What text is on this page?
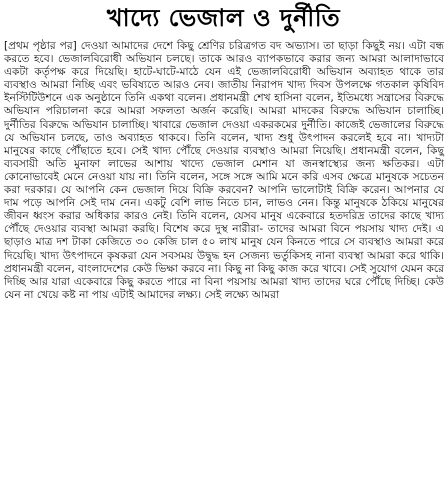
খাদ্যে ভেজাল ও দুর্নীতি

[প্রথম পৃষ্ঠার পর] দেওয়া আমাদের দেশে কিছু শ্রেণির চরিত্রগত বদ অভ্যাস। তা ছাড়া কিছুই নয়। এটা বন্ধ করতে হবে। ভেজালবিরোধী অভিযান চলছে। তাকে আরও ব্যাপকভাবে করার জন্য আমরা আলাদাভাবে একটা কর্তৃপক্ষ করে দিয়েছি। হাটে-ঘাটে-মাঠে যেন এই ভেজালবিরোধী অভিযান অব্যাহত থাকে তার ব্যবস্থাও আমরা নিচ্ছি এবং ভবিষ্যতে আরও নেব। জাতীয় নিরাপদ খাদ্য দিবস উপলক্ষে গতকাল কৃষিবিদ ইনস্টিটিউশনে এক অনুষ্ঠানে তিনি একথা বলেন। প্রধানমন্ত্রী শেখ হাসিনা বলেন, ইতিমধ্যে সন্ত্রাসের বিরুদ্ধে অভিযান পরিচালনা করে আমরা সফলতা অর্জন করেছি। আমরা মাদকের বিরুদ্ধে অভিযান চালাচ্ছি। দুর্নীতির বিরুদ্ধে অভিযান চালাচ্ছি। খাবারে ভেজাল দেওয়া একরকমের দুর্নীতি। কাজেই ভেজালের বিরুদ্ধে যে অভিযান চলছে, তাও অব্যাহত থাকবে। তিনি বলেন, খাদ্য শুধু উৎপাদন করলেই হবে না। খাদ্যটা মানুষের কাছে পৌঁছাতে হবে। সেই খাদ্য পৌঁছে দেওয়ার ব্যবস্থাও আমরা নিয়েছি। প্রধানমন্ত্রী বলেন, কিছু ব্যবসায়ী অতি মুনাফা লাভের আশায় খাদ্যে ভেজাল মেশান যা জনস্বাস্থ্যের জন্য ক্ষতিকর। এটা কোনোভাবেই মেনে নেওয়া যায় না। তিনি বলেন, সঙ্গে সঙ্গে আমি মনে করি এসব ক্ষেত্রে মানুষকে সচেতন করা দরকার। যে আপনি কেন ভেজাল দিয়ে বিক্রি করবেন? আপনি ভালোটাই বিক্রি করেন। আপনার যে দাম পড়ে আপনি সেই দাম নেন। একটু বেশি লাভ নিতে চান, লাভও নেন। কিন্তু মানুষকে ঠকিয়ে মানুষের জীবন ধ্বংস করার অধিকার কারও নেই। তিনি বলেন, যেসব মানুষ একেবারে হতদরিদ্র তাদের কাছে খাদ্য পৌঁছে দেওয়ার ব্যবস্থা আমরা করছি। বিশেষ করে দুস্থ নারীরা- তাদের আমরা বিনে পয়সায় খাদ্য দেই। এ ছাড়াও মাত্র দশ টাকা কেজিতে ৩০ কেজি চাল ৫০ লাখ মানুষ যেন কিনতে পারে সে ব্যবস্থাও আমরা করে দিয়েছি। খাদ্য উৎপাদনে কৃষকরা যেন সবসময় উদ্বুদ্ধ হন সেজন্য ভর্তুকিসহ নানা ব্যবস্থা আমরা করে থাকি। প্রধানমন্ত্রী বলেন, বাংলাদেশের কেউ ভিক্ষা করবে না। কিছু না কিছু কাজ করে খাবে। সেই সুযোগ যেমন করে দিচ্ছি আর যারা একেবারে কিছু করতে পারে না বিনা পয়সায় আমরা খাদ্য তাদের ঘরে পৌঁছে দিচ্ছি। কেউ যেন না খেয়ে কষ্ট না পায় এটাই আমাদের লক্ষ্য। সেই লক্ষ্যে আমরা
